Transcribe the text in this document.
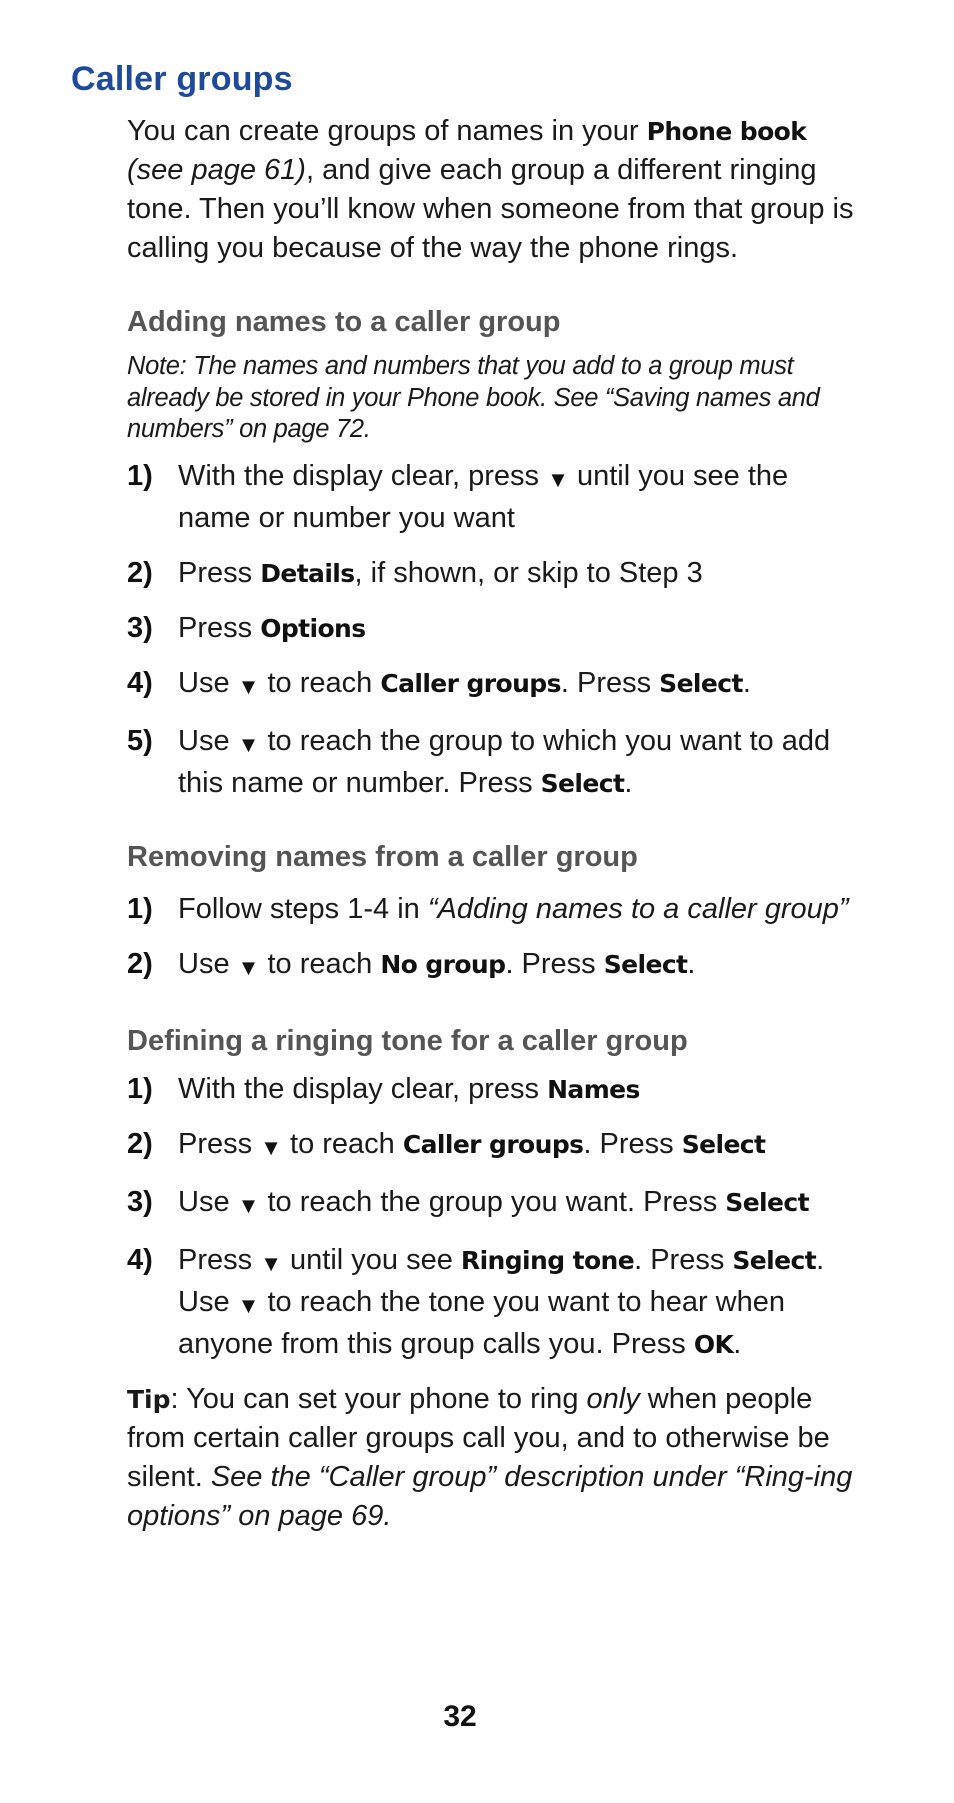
Caller groups

You can create groups of names in your Phone book
(see page 61), and give each group a different ringing tone. Then you’ll know when someone from that group is calling you because of the way the phone rings.

Adding names to a caller group

Note: The names and numbers that you add to a group must already be stored in your Phone book. See “Saving names and numbers” on page 72.

1) With the display clear, press ▼ until you see the name or number you want
2) Press Details, if shown, or skip to Step 3
3) Press Options
4) Use ▼ to reach Caller groups. Press Select.
5) Use ▼ to reach the group to which you want to add this name or number. Press Select.
Removing names from a caller group
1) Follow steps 1-4 in “Adding names to a caller group”
2) Use ▼ to reach No group. Press Select.
Defining a ringing tone for a caller group
1) With the display clear, press Names
2) Press ▼ to reach Caller groups. Press Select
3) Use ▼ to reach the group you want. Press Select
4) Press ▼ until you see Ringing tone. Press Select. Use ▼ to reach the tone you want to hear when anyone from this group calls you. Press OK.

Tip: You can set your phone to ring only when people from certain caller groups call you, and to otherwise be silent. See the “Caller group” description under “Ring-ing options” on page 69.

32
